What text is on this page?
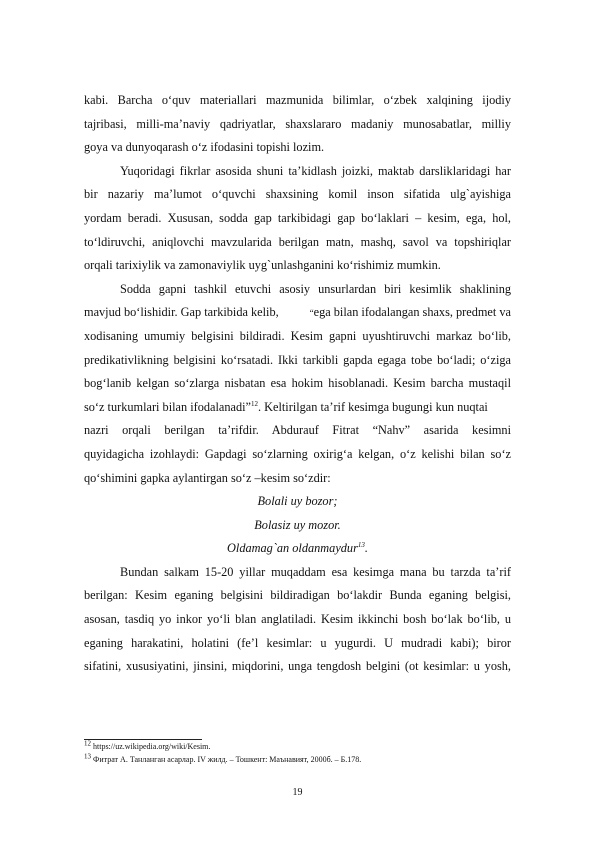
kabi. Barcha o‘quv materiallari mazmunida bilimlar, o‘zbek xalqining ijodiy
tajribasi, milli-ma’naviy qadriyatlar, shaxslararo madaniy munosabatlar, milliy
goya va dunyoqarash o‘z ifodasini topishi lozim.
Yuqoridagi fikrlar asosida shuni ta’kidlash joizki, maktab darsliklaridagi har
bir nazariy ma’lumot o‘quvchi shaxsining komil inson sifatida ulg`ayishiga
yordam beradi. Xususan, sodda gap tarkibidagi gap bo‘laklari – kesim, ega, hol,
to‘ldiruvchi, aniqlovchi mavzularida berilgan matn, mashq, savol va topshiriqlar
orqali tarixiylik va zamonaviylik uyg`unlashganini ko‘rishimiz mumkin.
Sodda gapni tashkil etuvchi asosiy unsurlardan biri kesimlik shaklining
mavjud bo‘lishidir. Gap tarkibida kelib,	“ega bilan ifodalangan shaxs, predmet va
xodisaning umumiy belgisini bildiradi. Kesim gapni uyushtiruvchi markaz boʻlib,
predikativlikning belgisini koʻrsatadi. Ikki tarkibli gapda egaga tobe boʻladi; oʻziga
bogʻlanib kelgan soʻzlarga nisbatan esa hokim hisoblanadi. Kesim barcha mustaqil
soʻz turkumlari bilan ifodalanadi”$^{12}$. Keltirilgan ta’rif kesimga bugungi kun nuqtai
nazri orqali berilgan ta’rifdir. Abdurauf Fitrat “Nahv” asarida kesimni
quyidagicha izohlaydi: Gapdagi so‘zlarning oxirig‘a kelgan, o‘z kelishi bilan so‘z
qo‘shimini gapka aylantirgan so‘z –kesim so‘zdir:
Bolali uy bozor;
Bolasiz uy mozor.
Oldamag`an oldanmaydur$^{13}$.
Bundan salkam 15-20 yillar muqaddam esa kesimga mana bu tarzda ta’rif
berilgan: Kesim eganing belgisini bildiradigan bo‘lakdir Bunda eganing belgisi,
asosan, tasdiq yo inkor yo‘li blan anglatiladi. Kesim ikkinchi bosh bo‘lak bo‘lib, u
eganing harakatini, holatini (fe’l kesimlar: u yugurdi. U mudradi kabi); biror
sifatini, xususiyatini, jinsini, miqdorini, unga tengdosh belgini (ot kesimlar: u yosh,
$^{12}$ https://uz.wikipedia.org/wiki/Kesim.
$^{13}$ Фитрат А. Танланган асарлар. IV жилд. – Тошкент: Маънавият, 2000б. – Б.178.
19
